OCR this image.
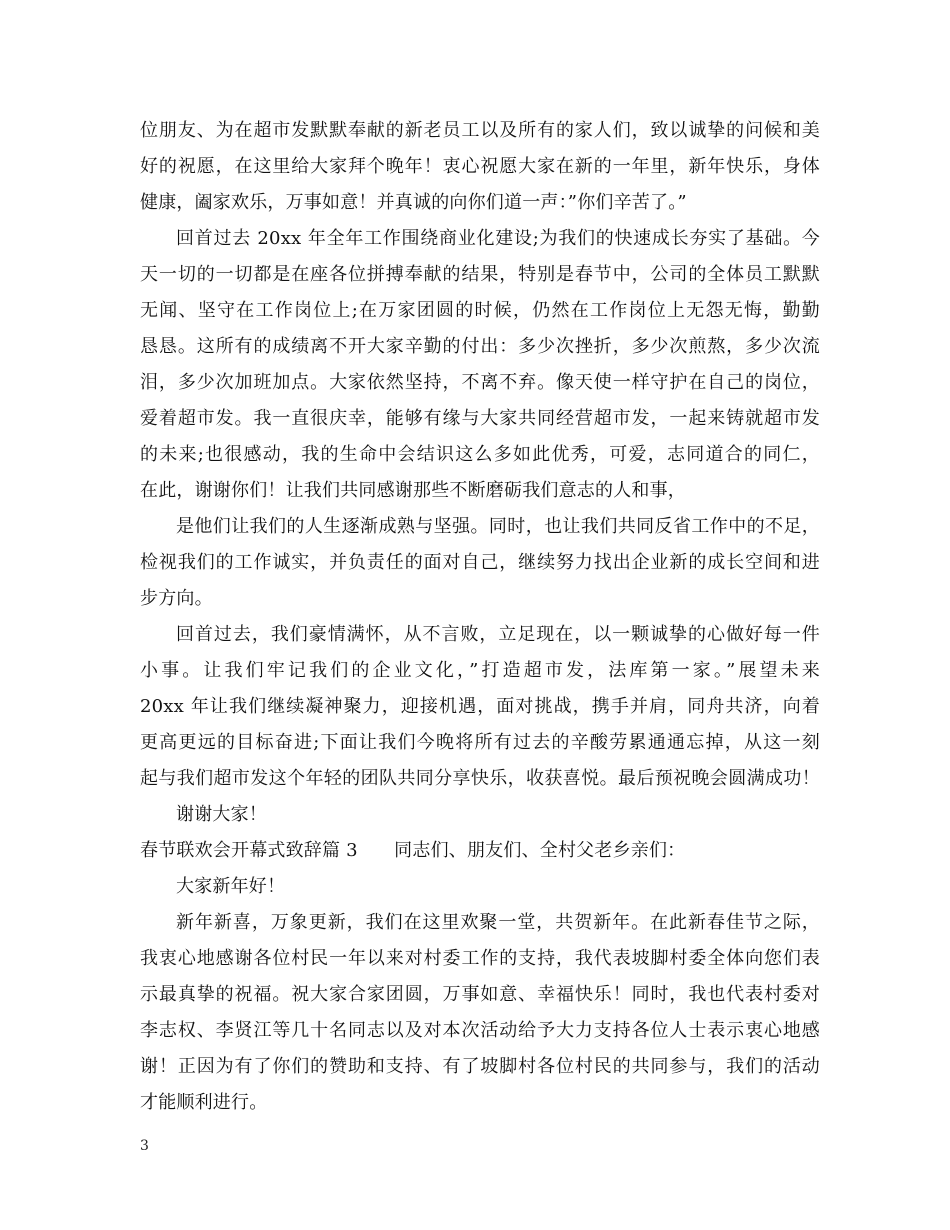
位朋友、为在超市发默默奉献的新老员工以及所有的家人们，致以诚挚的问候和美
好的祝愿，在这里给大家拜个晚年！衷心祝愿大家在新的一年里，新年快乐，身体
健康，阖家欢乐，万事如意！并真诚的向你们道一声：”你们辛苦了。”
回首过去 20xx 年全年工作围绕商业化建设;为我们的快速成长夯实了基础。今
天一切的一切都是在座各位拼搏奉献的结果，特别是春节中，公司的全体员工默默
无闻、坚守在工作岗位上;在万家团圆的时候，仍然在工作岗位上无怨无悔，勤勤
恳恳。这所有的成绩离不开大家辛勤的付出：多少次挫折，多少次煎熬，多少次流
泪，多少次加班加点。大家依然坚持，不离不弃。像天使一样守护在自己的岗位，
爱着超市发。我一直很庆幸，能够有缘与大家共同经营超市发，一起来铸就超市发
的未来;也很感动，我的生命中会结识这么多如此优秀，可爱，志同道合的同仁，
在此，谢谢你们！让我们共同感谢那些不断磨砺我们意志的人和事，
是他们让我们的人生逐渐成熟与坚强。同时，也让我们共同反省工作中的不足，
检视我们的工作诚实，并负责任的面对自己，继续努力找出企业新的成长空间和进
步方向。
回首过去，我们豪情满怀，从不言败，立足现在，以一颗诚挚的心做好每一件
小事。让我们牢记我们的企业文化，”打造超市发，法库第一家。”展望未来
20xx 年让我们继续凝神聚力，迎接机遇，面对挑战，携手并肩，同舟共济，向着
更高更远的目标奋进;下面让我们今晚将所有过去的辛酸劳累通通忘掉，从这一刻
起与我们超市发这个年轻的团队共同分享快乐，收获喜悦。最后预祝晚会圆满成功！
谢谢大家！
春节联欢会开幕式致辞篇 3　　同志们、朋友们、全村父老乡亲们：
大家新年好！
新年新喜，万象更新，我们在这里欢聚一堂，共贺新年。在此新春佳节之际，
我衷心地感谢各位村民一年以来对村委工作的支持，我代表坡脚村委全体向您们表
示最真挚的祝福。祝大家合家团圆，万事如意、幸福快乐！同时，我也代表村委对
李志权、李贤江等几十名同志以及对本次活动给予大力支持各位人士表示衷心地感
谢！正因为有了你们的赞助和支持、有了坡脚村各位村民的共同参与，我们的活动
才能顺利进行。
3
